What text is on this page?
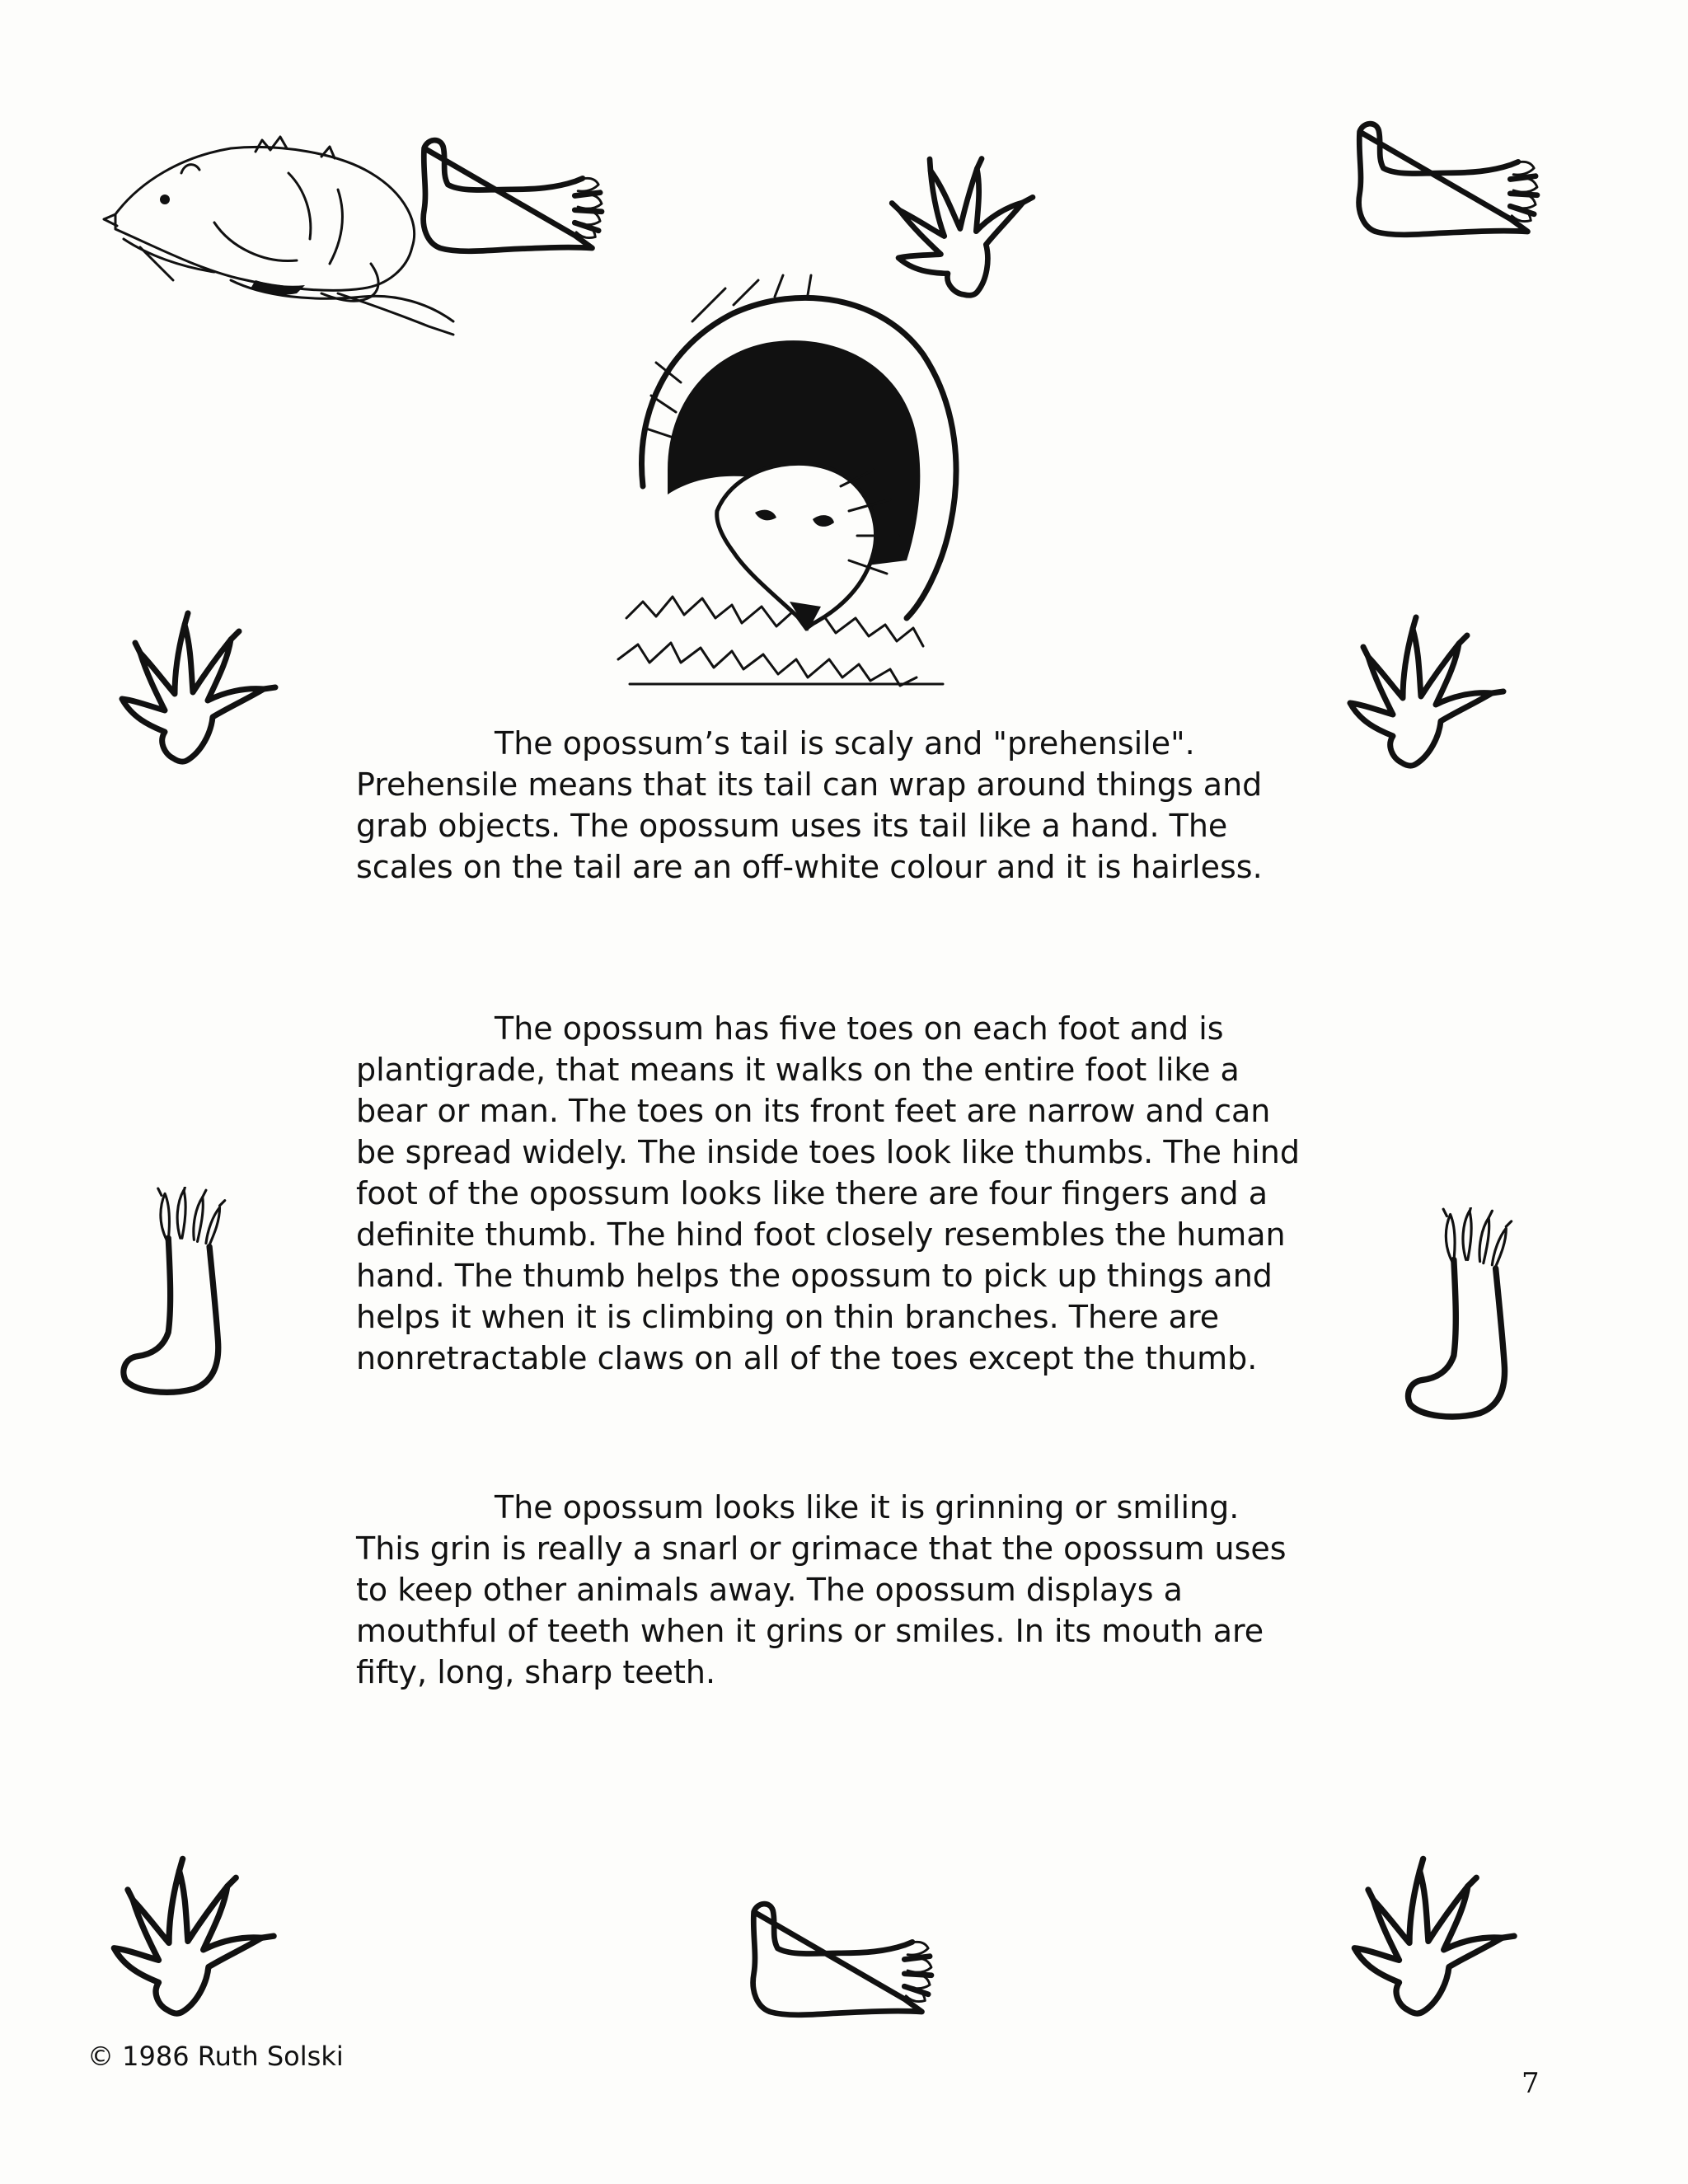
The opossum’s tail is scaly and "prehensile". Prehensile means that its tail can wrap around things and grab objects. The opossum uses its tail like a hand. The scales on the tail are an off-white colour and it is hairless.

The opossum has five toes on each foot and is plantigrade, that means it walks on the entire foot like a bear or man. The toes on its front feet are narrow and can be spread widely. The inside toes look like thumbs. The hind foot of the opossum looks like there are four fingers and a definite thumb. The hind foot closely resembles the human hand. The thumb helps the opossum to pick up things and helps it when it is climbing on thin branches. There are nonretractable claws on all of the toes except the thumb.

The opossum looks like it is grinning or smiling. This grin is really a snarl or grimace that the opossum uses to keep other animals away. The opossum displays a mouthful of teeth when it grins or smiles. In its mouth are fifty, long, sharp teeth.

© 1986 Ruth Solski

7
